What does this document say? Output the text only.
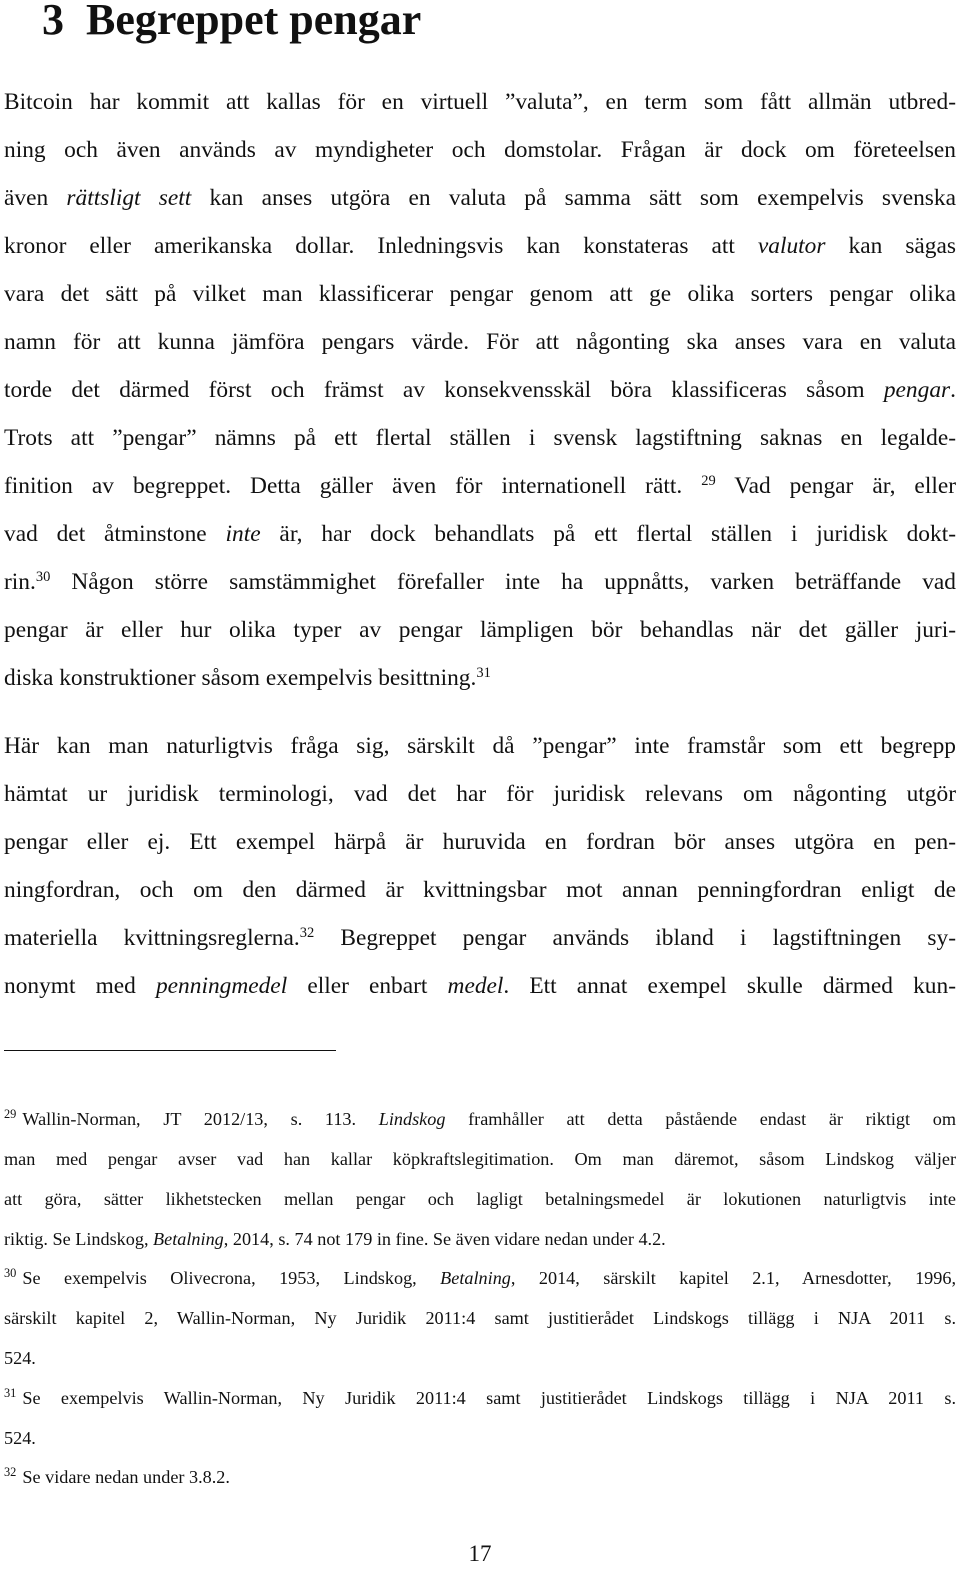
3 Begreppet pengar

Bitcoin har kommit att kallas för en virtuell ”valuta”, en term som fått allmän utbred-

ning och även används av myndigheter och domstolar. Frågan är dock om företeelsen

även rättsligt sett kan anses utgöra en valuta på samma sätt som exempelvis svenska

kronor eller amerikanska dollar. Inledningsvis kan konstateras att valutor kan sägas

vara det sätt på vilket man klassificerar pengar genom att ge olika sorters pengar olika

namn för att kunna jämföra pengars värde. För att någonting ska anses vara en valuta

torde det därmed först och främst av konsekvensskäl böra klassificeras såsom pengar.

Trots att ”pengar” nämns på ett flertal ställen i svensk lagstiftning saknas en legalde-

finition av begreppet. Detta gäller även för internationell rätt. $^{29}$ Vad pengar är, eller

vad det åtminstone inte är, har dock behandlats på ett flertal ställen i juridisk dokt-

rin.$^{30}$ Någon större samstämmighet förefaller inte ha uppnåtts, varken beträffande vad

pengar är eller hur olika typer av pengar lämpligen bör behandlas när det gäller juri-

diska konstruktioner såsom exempelvis besittning.$^{31}$

Här kan man naturligtvis fråga sig, särskilt då ”pengar” inte framstår som ett begrepp

hämtat ur juridisk terminologi, vad det har för juridisk relevans om någonting utgör

pengar eller ej. Ett exempel härpå är huruvida en fordran bör anses utgöra en pen-

ningfordran, och om den därmed är kvittningsbar mot annan penningfordran enligt de

materiella kvittningsreglerna.$^{32}$ Begreppet pengar används ibland i lagstiftningen sy-

nonymt med penningmedel eller enbart medel. Ett annat exempel skulle därmed kun-

$^{29}$ Wallin-Norman, JT 2012/13, s. 113. Lindskog framhåller att detta påstående endast är riktigt om

man med pengar avser vad han kallar köpkraftslegitimation. Om man däremot, såsom Lindskog väljer

att göra, sätter likhetstecken mellan pengar och lagligt betalningsmedel är lokutionen naturligtvis inte

riktig. Se Lindskog, Betalning, 2014, s. 74 not 179 in fine. Se även vidare nedan under 4.2.

$^{30}$ Se exempelvis Olivecrona, 1953, Lindskog, Betalning, 2014, särskilt kapitel 2.1, Arnesdotter, 1996,

särskilt kapitel 2, Wallin-Norman, Ny Juridik 2011:4 samt justitierådet Lindskogs tillägg i NJA 2011 s.

524.

$^{31}$ Se exempelvis Wallin-Norman, Ny Juridik 2011:4 samt justitierådet Lindskogs tillägg i NJA 2011 s.

524.

$^{32}$ Se vidare nedan under 3.8.2.

17
